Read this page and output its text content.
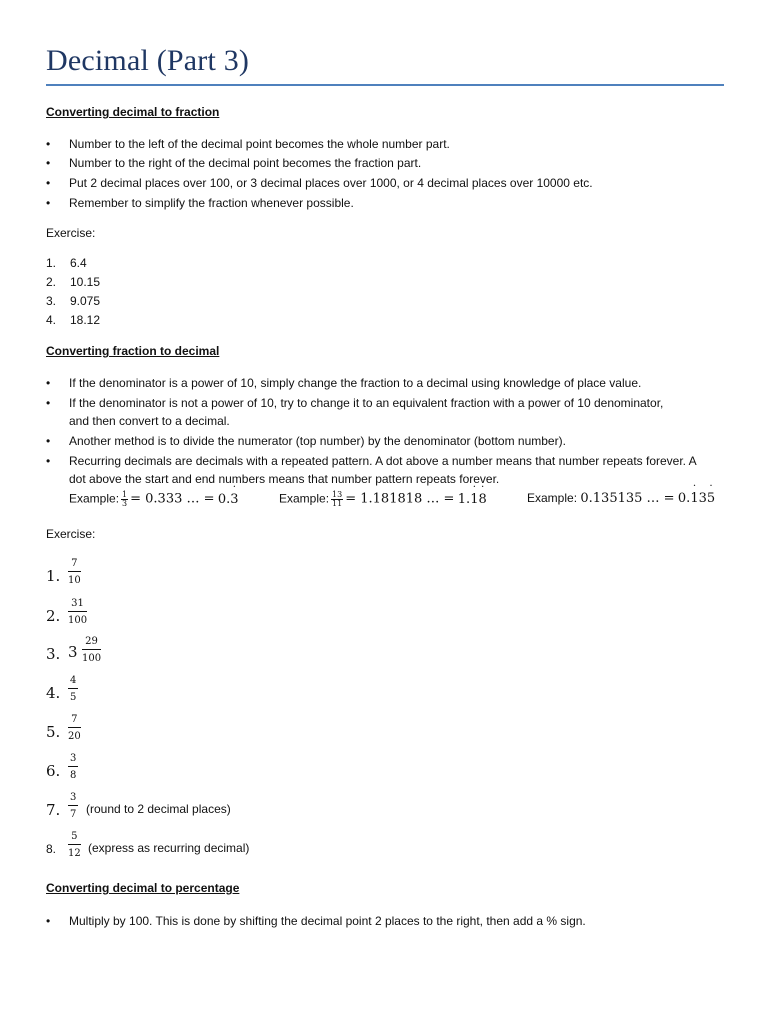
Decimal (Part 3)
Converting decimal to fraction
•	Number to the left of the decimal point becomes the whole number part.
•	Number to the right of the decimal point becomes the fraction part.
•	Put 2 decimal places over 100, or 3 decimal places over 1000, or 4 decimal places over 10000 etc.
•	Remember to simplify the fraction whenever possible.
Exercise:
1. 6.4
2. 10.15
3. 9.075
4. 18.12
Converting fraction to decimal
•	If the denominator is a power of 10, simply change the fraction to a decimal using knowledge of place value.
•	If the denominator is not a power of 10, try to change it to an equivalent fraction with a power of 10 denominator, and then convert to a decimal.
•	Another method is to divide the numerator (top number) by the denominator (bottom number).
•	Recurring decimals are decimals with a repeated pattern. A dot above a number means that number repeats forever. A dot above the start and end numbers means that number pattern repeats forever.
Example: $\frac{1}{3} = 0.333$ … = 0.3 ˙	Example: $\frac{13}{11} = 1.181818$ … = 1.1 ˙8 ˙	Example: 0.135135 … = 0.1 ˙35 ˙
Exercise:
1. $\frac{7}{10}$
2. $\frac{31}{100}$
3. $3 \frac{29}{100}$
4. $\frac{4}{5}$
5. $\frac{7}{20}$
6. $\frac{3}{8}$
7. $\frac{3}{7}$ (round to 2 decimal places)
8. $\frac{5}{12}$ (express as recurring decimal)
Converting decimal to percentage
•	Multiply by 100. This is done by shifting the decimal point 2 places to the right, then add a % sign.
